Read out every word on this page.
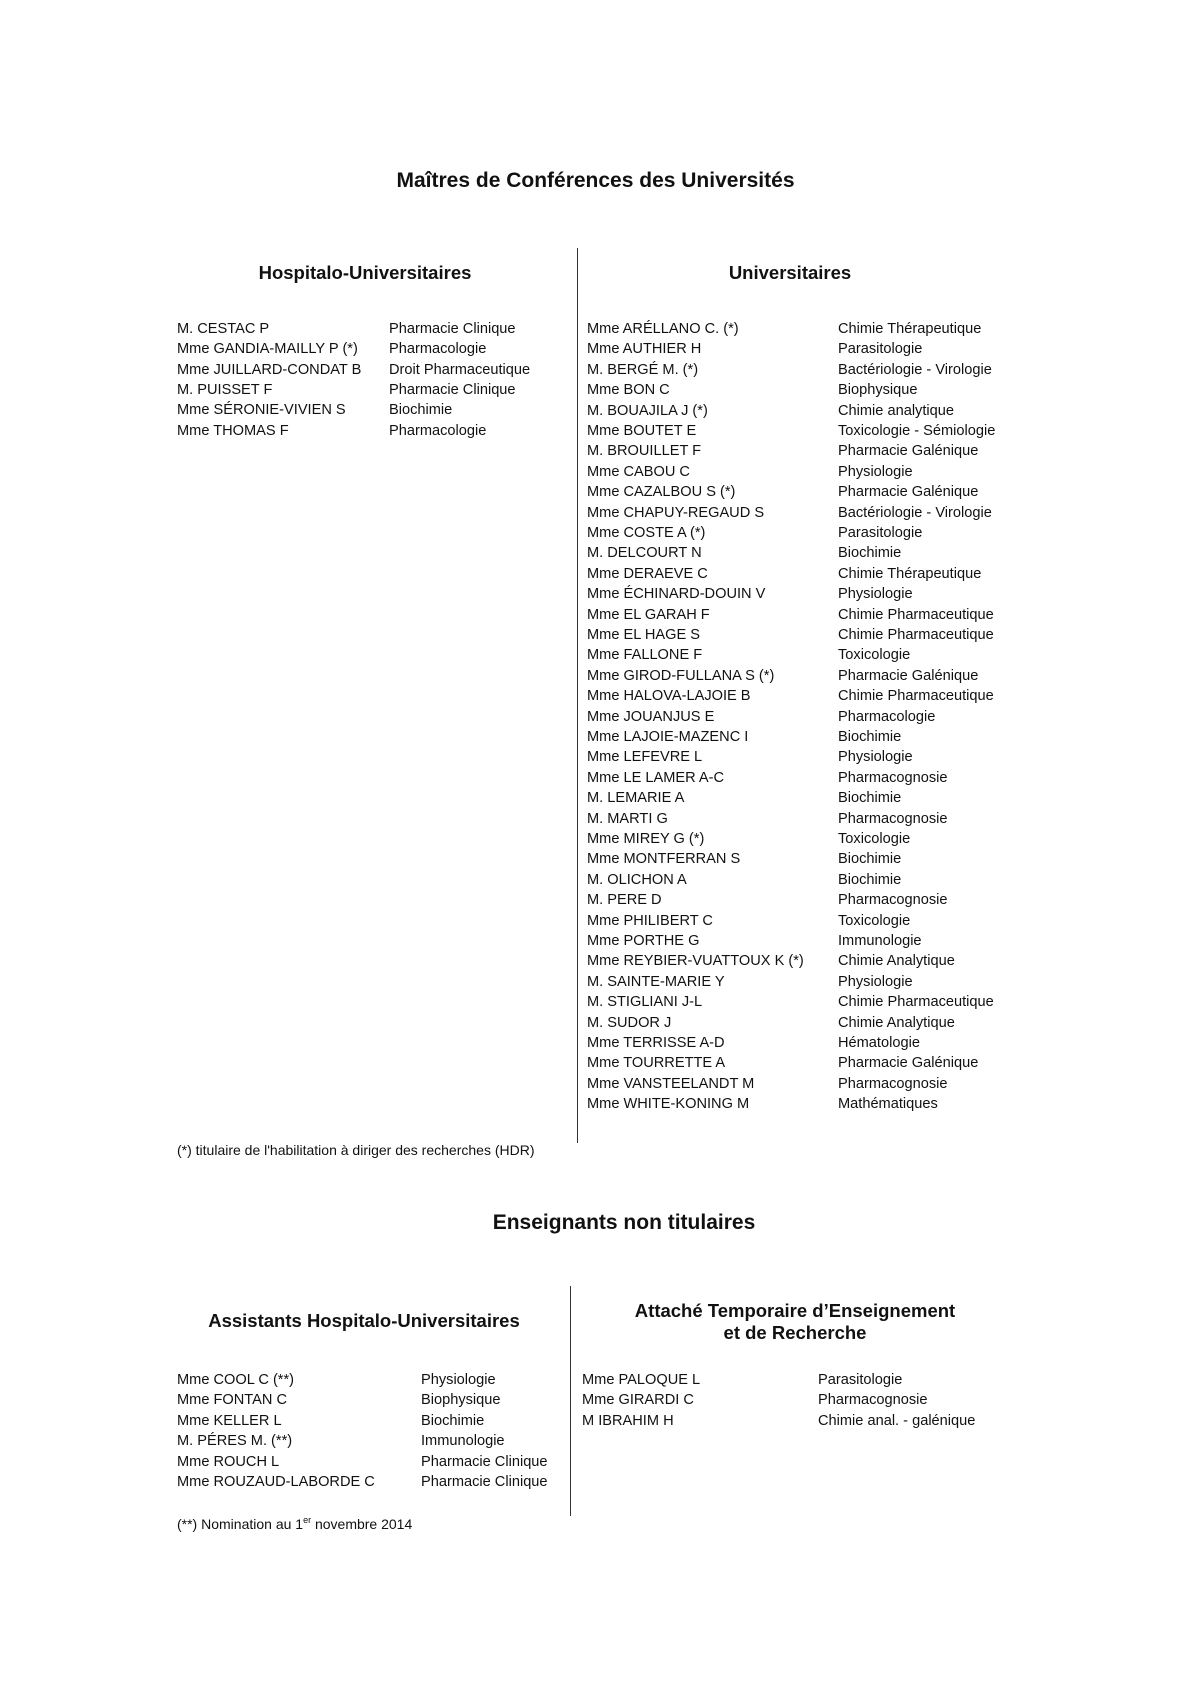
Maîtres de Conférences des Universités
Hospitalo-Universitaires	Universitaires
M. CESTAC P	Pharmacie Clinique
Mme GANDIA-MAILLY P (*) Pharmacologie
Mme JUILLARD-CONDAT B Droit Pharmaceutique
M. PUISSET F	Pharmacie Clinique
Mme SÉRONIE-VIVIEN S	Biochimie
Mme THOMAS F	Pharmacologie
Mme ARÉLLANO C. (*)	Chimie Thérapeutique
Mme AUTHIER H	Parasitologie
M. BERGÉ M. (*)	Bactériologie - Virologie
Mme BON C	Biophysique
M. BOUAJILA J (*)	Chimie analytique
Mme BOUTET E	Toxicologie - Sémiologie
M. BROUILLET F	Pharmacie Galénique
Mme CABOU C	Physiologie
Mme CAZALBOU S (*)	Pharmacie Galénique
Mme CHAPUY-REGAUD S	Bactériologie - Virologie
Mme COSTE A (*)	Parasitologie
M. DELCOURT N	Biochimie
Mme DERAEVE C	Chimie Thérapeutique
Mme ÉCHINARD-DOUIN V	Physiologie
Mme EL GARAH F	Chimie Pharmaceutique
Mme EL HAGE S	Chimie Pharmaceutique
Mme FALLONE F	Toxicologie
Mme GIROD-FULLANA S (*)	Pharmacie Galénique
Mme HALOVA-LAJOIE B	Chimie Pharmaceutique
Mme JOUANJUS E	Pharmacologie
Mme LAJOIE-MAZENC I	Biochimie
Mme LEFEVRE L	Physiologie
Mme LE LAMER A-C	Pharmacognosie
M. LEMARIE A	Biochimie
M. MARTI G	Pharmacognosie
Mme MIREY G (*)	Toxicologie
Mme MONTFERRAN S	Biochimie
M. OLICHON A	Biochimie
M. PERE D	Pharmacognosie
Mme PHILIBERT C	Toxicologie
Mme PORTHE G	Immunologie
Mme REYBIER-VUATTOUX K (*) Chimie Analytique
M. SAINTE-MARIE Y	Physiologie
M. STIGLIANI J-L	Chimie Pharmaceutique
M. SUDOR J	Chimie Analytique
Mme TERRISSE A-D	Hématologie
Mme TOURRETTE A	Pharmacie Galénique
Mme VANSTEELANDT M	Pharmacognosie
Mme WHITE-KONING M	Mathématiques
(*) titulaire de l'habilitation à diriger des recherches (HDR)
Enseignants non titulaires
Assistants Hospitalo-Universitaires	Attaché Temporaire d’Enseignement
et de Recherche
Mme COOL C (**)	Physiologie
Mme FONTAN C	Biophysique
Mme KELLER L	Biochimie
M. PÉRES M. (**)	Immunologie
Mme ROUCH L	Pharmacie Clinique
Mme ROUZAUD-LABORDE C	Pharmacie Clinique
Mme PALOQUE L	Parasitologie
Mme GIRARDI C	Pharmacognosie
M IBRAHIM H	Chimie anal. - galénique
(**) Nomination au 1er novembre 2014
